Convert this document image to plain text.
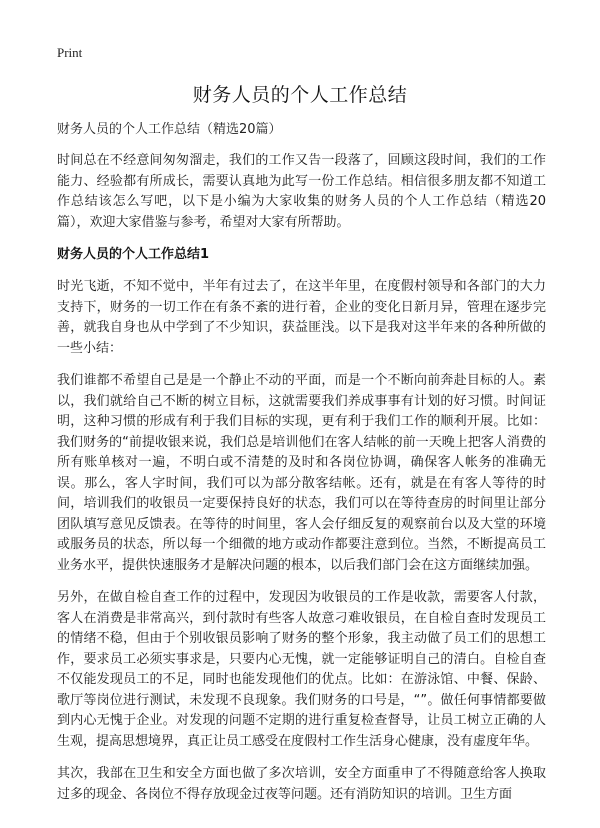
Print
财务人员的个人工作总结

财务人员的个人工作总结（精选20篇）

时间总在不经意间匆匆溜走，我们的工作又告一段落了，回顾这段时间，我们的工作能力、经验都有所成长，需要认真地为此写一份工作总结。相信很多朋友都不知道工作总结该怎么写吧，以下是小编为大家收集的财务人员的个人工作总结（精选20篇），欢迎大家借鉴与参考，希望对大家有所帮助。

财务人员的个人工作总结1

时光飞逝，不知不觉中，半年有过去了，在这半年里，在度假村领导和各部门的大力支持下，财务的一切工作在有条不紊的进行着，企业的变化日新月异，管理在逐步完善，就我自身也从中学到了不少知识，获益匪浅。以下是我对这半年来的各种所做的一些小结：

我们谁都不希望自己是是一个静止不动的平面，而是一个不断向前奔赴目标的人。素以，我们就给自己不断的树立目标，这就需要我们养成事事有计划的好习惯。时间证明，这种习惯的形成有利于我们目标的实现，更有利于我们工作的顺利开展。比如：我们财务的“前提收银来说，我们总是培训他们在客人结帐的前一天晚上把客人消费的所有账单核对一遍，不明白或不清楚的及时和各岗位协调，确保客人帐务的准确无误。那么，客人字时间，我们可以为部分散客结帐。还有，就是在有客人等待的时间，培训我们的收银员一定要保持良好的状态，我们可以在等待查房的时间里让部分团队填写意见反馈表。在等待的时间里，客人会仔细反复的观察前台以及大堂的环境或服务员的状态，所以每一个细微的地方或动作都要注意到位。当然，不断提高员工业务水平，提供快速服务才是解决问题的根本，以后我们部门会在这方面继续加强。

另外，在做自检自查工作的过程中，发现因为收银员的工作是收款，需要客人付款，客人在消费是非常高兴，到付款时有些客人故意刁难收银员，在自检自查时发现员工的情绪不稳，但由于个别收银员影响了财务的整个形象，我主动做了员工们的思想工作，要求员工必须实事求是，只要内心无愧，就一定能够证明自己的清白。自检自查不仅能发现员工的不足，同时也能发现他们的优点。比如：在游泳馆、中餐、保龄、歌厅等岗位进行测试，未发现不良现象。我们财务的口号是，“”。做任何事情都要做到内心无愧于企业。对发现的问题不定期的进行重复检查督导，让员工树立正确的人生观，提高思想境界，真正让员工感受在度假村工作生活身心健康，没有虚度年华。

其次，我部在卫生和安全方面也做了多次培训，安全方面重申了不得随意给客人换取过多的现金、各岗位不得存放现金过夜等问题。还有消防知识的培训。卫生方面
